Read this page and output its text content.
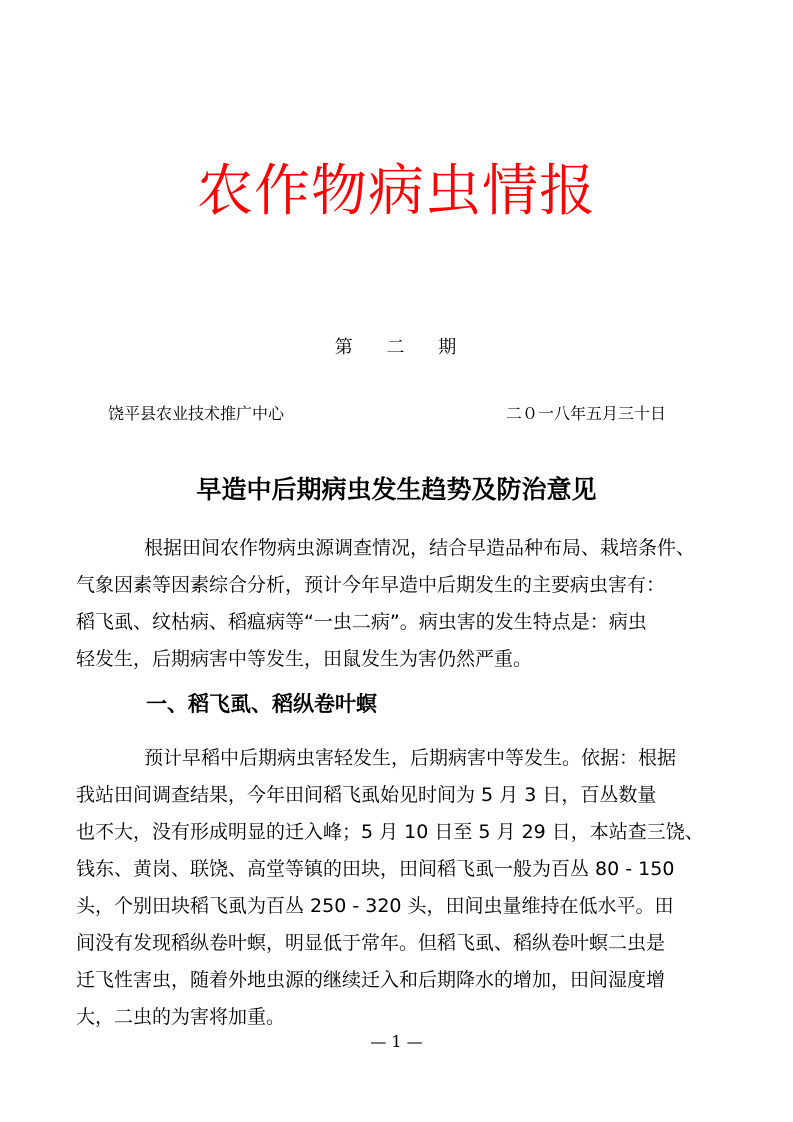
农作物病虫情报
第 二 期
饶平县农业技术推广中心	二０一八年五月三十日
早造中后期病虫发生趋势及防治意见
根据田间农作物病虫源调查情况，结合早造品种布局、栽培条件、
气象因素等因素综合分析，预计今年早造中后期发生的主要病虫害有：
稻飞虱、纹枯病、稻瘟病等“一虫二病”。病虫害的发生特点是：病虫
轻发生，后期病害中等发生，田鼠发生为害仍然严重。
一、稻飞虱、稻纵卷叶螟
预计早稻中后期病虫害轻发生，后期病害中等发生。依据：根据
我站田间调查结果，今年田间稻飞虱始见时间为 5 月 3 日，百丛数量
也不大，没有形成明显的迁入峰；5 月 10 日至 5 月 29 日，本站查三饶、
钱东、黄岗、联饶、高堂等镇的田块，田间稻飞虱一般为百丛 80 - 150
头，个别田块稻飞虱为百丛 250 - 320 头，田间虫量维持在低水平。田
间没有发现稻纵卷叶螟，明显低于常年。但稻飞虱、稻纵卷叶螟二虫是
迁飞性害虫，随着外地虫源的继续迁入和后期降水的增加，田间湿度增
大，二虫的为害将加重。
— 1 —
